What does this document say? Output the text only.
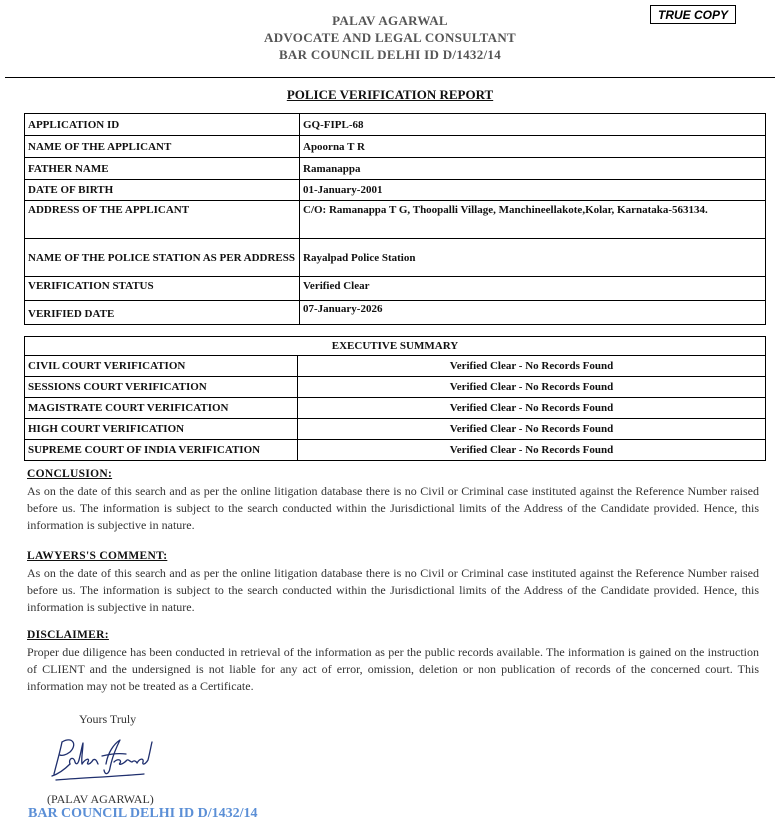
PALAV AGARWAL
ADVOCATE AND LEGAL CONSULTANT
BAR COUNCIL DELHI ID D/1432/14
TRUE COPY
POLICE VERIFICATION REPORT
APPLICATION ID	GQ-FIPL-68
NAME OF THE APPLICANT	Apoorna T R
FATHER NAME	Ramanappa
DATE OF BIRTH	01-January-2001
ADDRESS OF THE APPLICANT	C/O: Ramanappa T G, Thoopalli Village, Manchineellakote,Kolar, Karnataka-563134.
NAME OF THE POLICE STATION AS PER ADDRESS	Rayalpad Police Station
VERIFICATION STATUS	Verified Clear
VERIFIED DATE	07-January-2026
EXECUTIVE SUMMARY	
CIVIL COURT VERIFICATION	Verified Clear - No Records Found
SESSIONS COURT VERIFICATION	Verified Clear - No Records Found
MAGISTRATE COURT VERIFICATION	Verified Clear - No Records Found
HIGH COURT VERIFICATION	Verified Clear - No Records Found
SUPREME COURT OF INDIA VERIFICATION	Verified Clear - No Records Found
CONCLUSION:
As on the date of this search and as per the online litigation database there is no Civil or Criminal case instituted against the Reference Number raised before us. The information is subject to the search conducted within the Jurisdictional limits of the Address of the Candidate provided. Hence, this information is subjective in nature.
LAWYERS'S COMMENT:
As on the date of this search and as per the online litigation database there is no Civil or Criminal case instituted against the Reference Number raised before us. The information is subject to the search conducted within the Jurisdictional limits of the Address of the Candidate provided. Hence, this information is subjective in nature.
DISCLAIMER:
Proper due diligence has been conducted in retrieval of the information as per the public records available. The information is gained on the instruction of CLIENT and the undersigned is not liable for any act of error, omission, deletion or non publication of records of the concerned court. This information may not be treated as a Certificate.
Yours Truly
(PALAV AGARWAL)
BAR COUNCIL DELHI ID D/1432/14
